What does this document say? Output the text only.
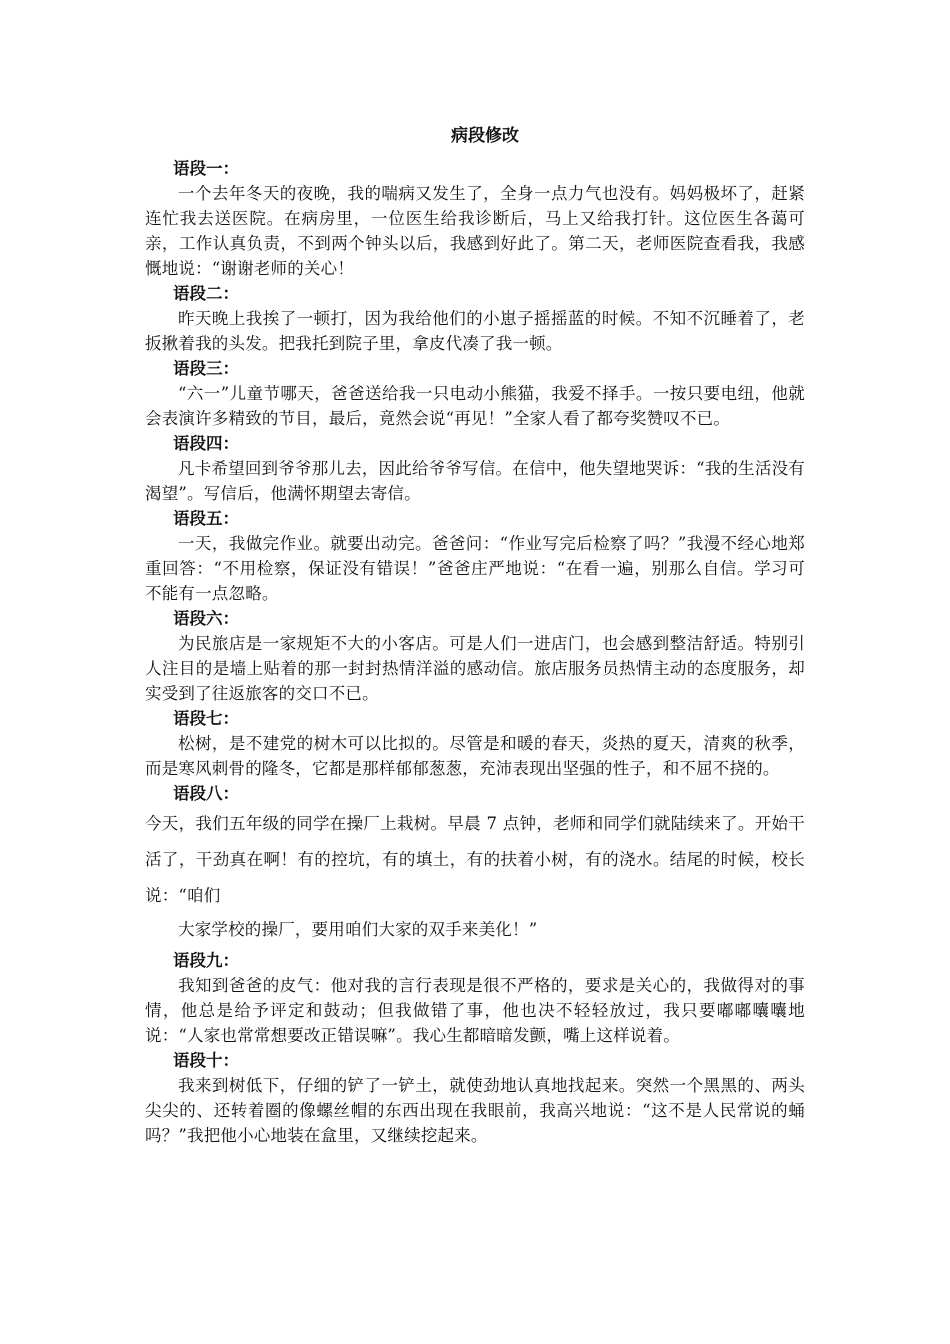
病段修改

语段一：

一个去年冬天的夜晚，我的喘病又发生了，全身一点力气也没有。妈妈极坏了，赶紧连忙我去送医院。在病房里，一位医生给我诊断后，马上又给我打针。这位医生各蔼可亲，工作认真负责，不到两个钟头以后，我感到好此了。第二天，老师医院查看我，我感慨地说：“谢谢老师的关心！

语段二：

昨天晚上我挨了一顿打，因为我给他们的小崽子摇摇蓝的时候。不知不沉睡着了，老扳揪着我的头发。把我托到院子里，拿皮代凑了我一顿。

语段三：

“六一”儿童节哪天，爸爸送给我一只电动小熊猫，我爱不择手。一按只要电纽，他就会表演许多精致的节目，最后，竟然会说“再见！”全家人看了都夸奖赞叹不已。

语段四：

凡卡希望回到爷爷那儿去，因此给爷爷写信。在信中，他失望地哭诉：“我的生活没有渴望”。写信后，他满怀期望去寄信。

语段五：

一天，我做完作业。就要出动完。爸爸问：“作业写完后检察了吗？”我漫不经心地郑重回答：“不用检察，保证没有错误！”爸爸庄严地说：“在看一遍，别那么自信。学习可不能有一点忽略。

语段六：

为民旅店是一家规矩不大的小客店。可是人们一进店门，也会感到整洁舒适。特别引人注目的是墙上贴着的那一封封热情洋溢的感动信。旅店服务员热情主动的态度服务，却实受到了往返旅客的交口不已。

语段七：

松树，是不建党的树木可以比拟的。尽管是和暖的春天，炎热的夏天，清爽的秋季，而是寒风刺骨的隆冬，它都是那样郁郁葱葱，充沛表现出坚强的性子，和不屈不挠的。

语段八：

今天，我们五年级的同学在操厂上栽树。早晨 7 点钟，老师和同学们就陆续来了。开始干活了，干劲真在啊！有的控坑，有的填土，有的扶着小树，有的浇水。结尾的时候，校长说：“咱们

大家学校的操厂，要用咱们大家的双手来美化！”

语段九：

我知到爸爸的皮气：他对我的言行表现是很不严格的，要求是关心的，我做得对的事情，他总是给予评定和鼓动；但我做错了事，他也决不轻轻放过，我只要嘟嘟囔囔地说：“人家也常常想要改正错误嘛”。我心生都暗暗发颤，嘴上这样说着。

语段十：

我来到树低下，仔细的铲了一铲土，就使劲地认真地找起来。突然一个黑黑的、两头尖尖的、还转着圈的像螺丝帽的东西出现在我眼前，我高兴地说：“这不是人民常说的蛹吗？”我把他小心地装在盒里，又继续挖起来。
